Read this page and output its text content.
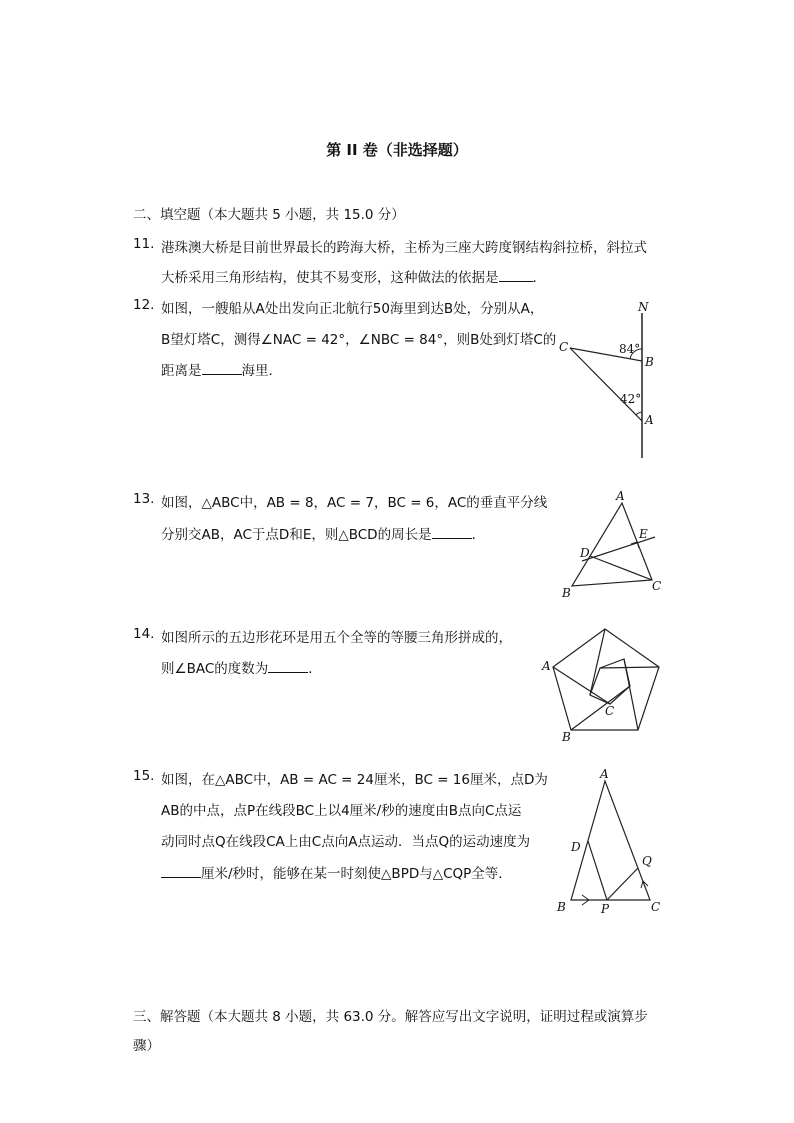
第 II 卷（非选择题）
二、填空题（本大题共 5 小题，共 15.0 分）
11. 港珠澳大桥是目前世界最长的跨海大桥，主桥为三座大跨度钢结构斜拉桥，斜拉式
大桥采用三角形结构，使其不易变形，这种做法的依据是	．
12. 如图，一艘船从A处出发向正北航行50海里到达B处，分别从A，
B望灯塔C，测得∠NAC = 42°，∠NBC = 84°，则B处到灯塔C的
距离是	海里．
N
C
B
A
84°
42°
13. 如图，△ABC中，AB = 8，AC = 7，BC = 6，AC的垂直平分线
分别交AB，AC于点D和E，则△BCD的周长是	．
A
E
D
B	C
14. 如图所示的五边形花环是用五个全等的等腰三角形拼成的，
则∠BAC的度数为	．	A
B
C
15. 如图，在△ABC中，AB = AC = 24厘米，BC = 16厘米，点D为
AB的中点，点P在线段BC上以4厘米/秒的速度由B点向C点运
动同时点Q在线段CA上由C点向A点运动．当点Q的运动速度为
厘米/秒时，能够在某一时刻使△BPD与△CQP全等．
A
D
Q
B	P	C
三、解答题（本大题共 8 小题，共 63.0 分。解答应写出文字说明，证明过程或演算步
骤）
